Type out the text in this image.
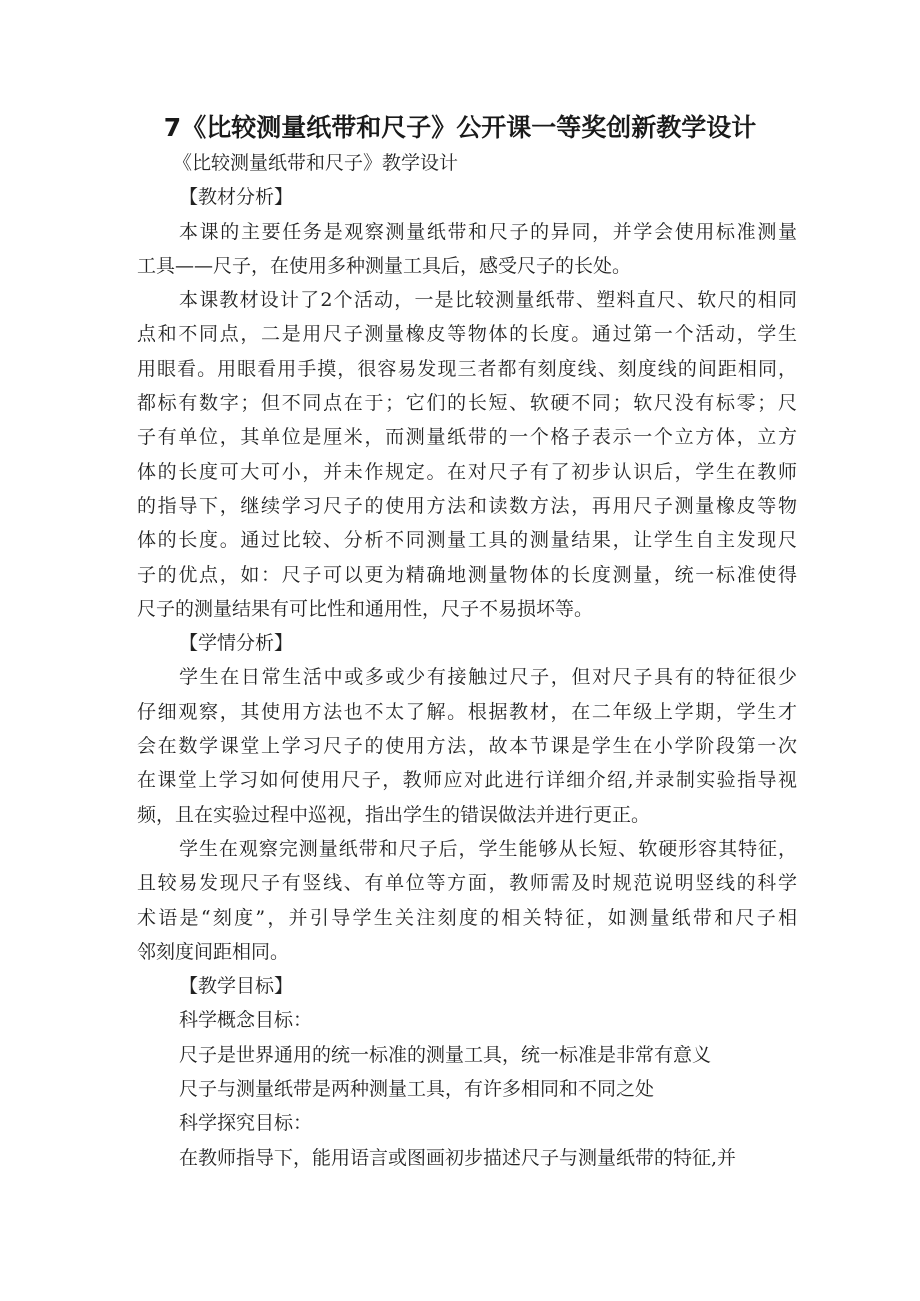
7《比较测量纸带和尺子》公开课一等奖创新教学设计
《比较测量纸带和尺子》教学设计
【教材分析】
本课的主要任务是观察测量纸带和尺子的异同，并学会使用标准测量
工具——尺子，在使用多种测量工具后，感受尺子的长处。
本课教材设计了2个活动，一是比较测量纸带、塑料直尺、软尺的相同
点和不同点，二是用尺子测量橡皮等物体的长度。通过第一个活动，学生
用眼看。用眼看用手摸，很容易发现三者都有刻度线、刻度线的间距相同，
都标有数字；但不同点在于；它们的长短、软硬不同；软尺没有标零；尺
子有单位，其单位是厘米，而测量纸带的一个格子表示一个立方体，立方
体的长度可大可小，并未作规定。在对尺子有了初步认识后，学生在教师
的指导下，继续学习尺子的使用方法和读数方法，再用尺子测量橡皮等物
体的长度。通过比较、分析不同测量工具的测量结果，让学生自主发现尺
子的优点，如：尺子可以更为精确地测量物体的长度测量，统一标准使得
尺子的测量结果有可比性和通用性，尺子不易损坏等。
【学情分析】
学生在日常生活中或多或少有接触过尺子，但对尺子具有的特征很少
仔细观察，其使用方法也不太了解。根据教材，在二年级上学期，学生才
会在数学课堂上学习尺子的使用方法，故本节课是学生在小学阶段第一次
在课堂上学习如何使用尺子，教师应对此进行详细介绍,并录制实验指导视
频，且在实验过程中巡视，指出学生的错误做法并进行更正。
学生在观察完测量纸带和尺子后，学生能够从长短、软硬形容其特征，
且较易发现尺子有竖线、有单位等方面，教师需及时规范说明竖线的科学
术语是“刻度”，并引导学生关注刻度的相关特征，如测量纸带和尺子相
邻刻度间距相同。
【教学目标】
科学概念目标：
尺子是世界通用的统一标准的测量工具，统一标准是非常有意义
尺子与测量纸带是两种测量工具，有许多相同和不同之处
科学探究目标：
在教师指导下，能用语言或图画初步描述尺子与测量纸带的特征,并
